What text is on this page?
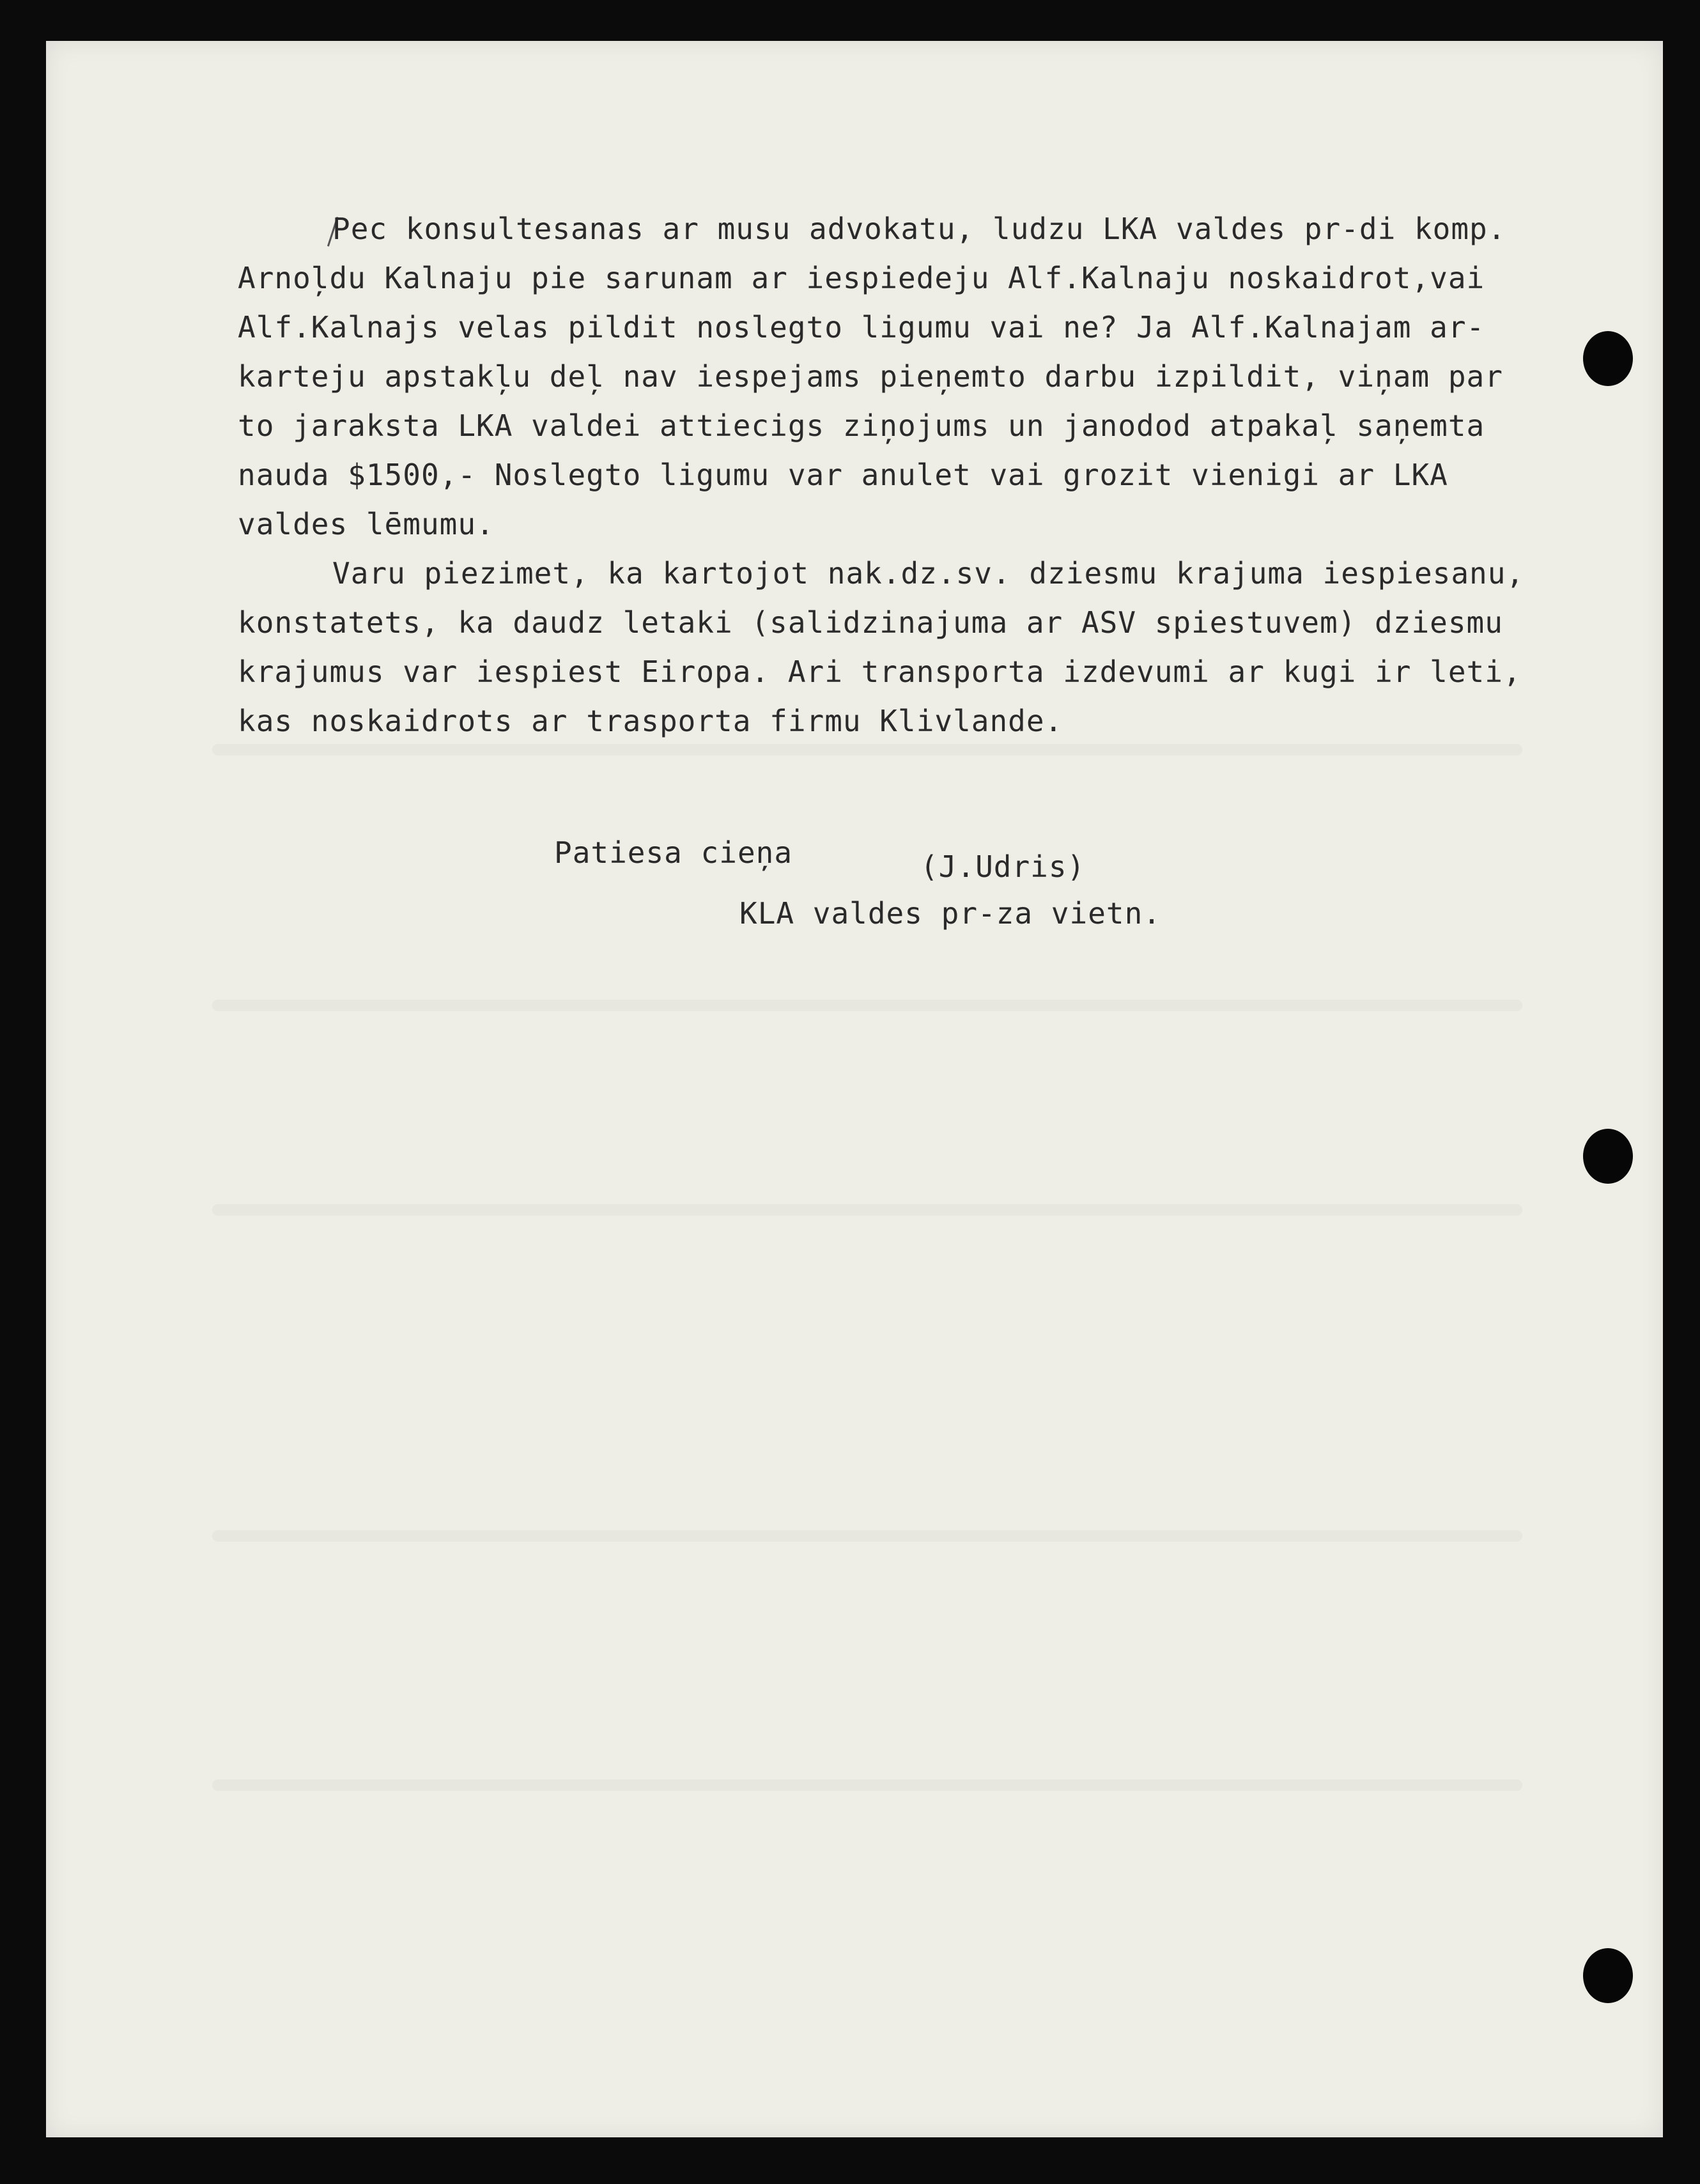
Pec konsultesanas ar musu advokatu, ludzu LKA valdes pr-di komp.
Arnoļdu Kalnaju pie sarunam ar iespiedeju Alf.Kalnaju noskaidrot,vai
Alf.Kalnajs velas pildit noslegto ligumu vai ne? Ja Alf.Kalnajam ar-
karteju apstakļu deļ nav iespejams pieņemto darbu izpildit, viņam par
to jaraksta LKA valdei attiecigs ziņojums un janodod atpakaļ saņemta
nauda $1500,- Noslegto ligumu var anulet vai grozit vienigi ar LKA
valdes lēmumu.
Varu piezimet, ka kartojot nak.dz.sv. dziesmu krajuma iespiesanu,
konstatets, ka daudz letaki (salidzinajuma ar ASV spiestuvem) dziesmu
krajumus var iespiest Eiropa. Ari transporta izdevumi ar kugi ir leti,
kas noskaidrots ar trasporta firmu Klivlande.
Patiesa cieņa	(J.Udris)
KLA valdes pr-za vietn.
